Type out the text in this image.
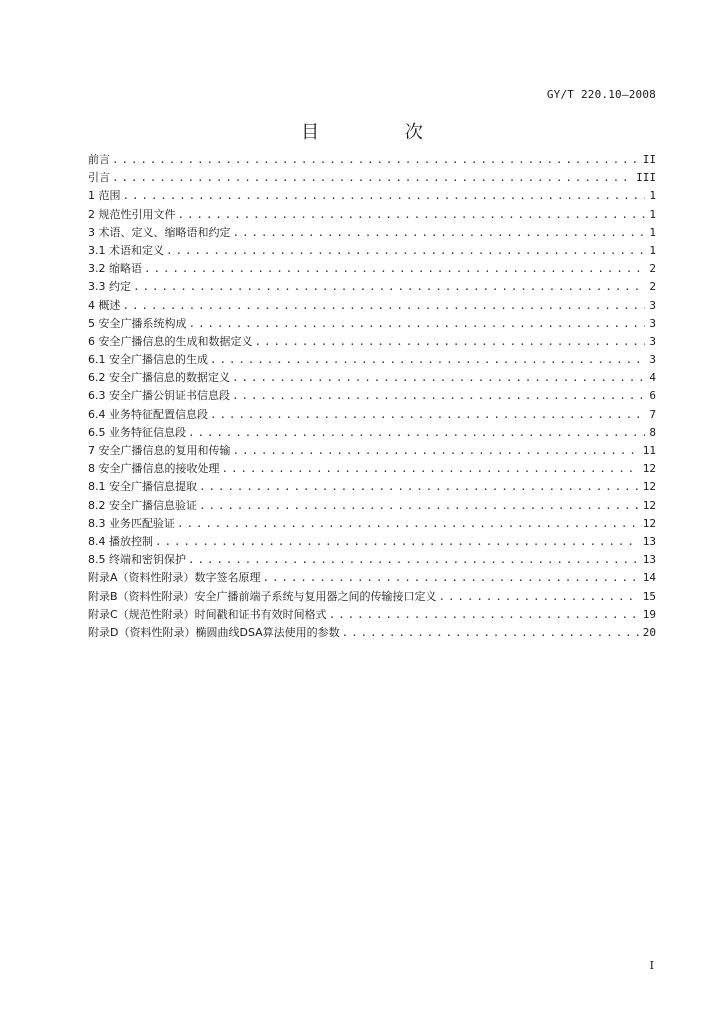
GY/T 220.10—2008
目 次
前言 . . .	II
引言 . . .	III
1 范围 . . .	1
2 规范性引用文件 . . .	1
3 术语、定义、缩略语和约定 . . .	1
3.1 术语和定义 . . .	1
3.2 缩略语 . . .	2
3.3 约定 . . .	2
4 概述 . . .	3
5 安全广播系统构成 . . .	3
6 安全广播信息的生成和数据定义 . . .	3
6.1 安全广播信息的生成 . . .	3
6.2 安全广播信息的数据定义 . . .	4
6.3 安全广播公钥证书信息段 . . .	6
6.4 业务特征配置信息段 . . .	7
6.5 业务特征信息段 . . .	8
7 安全广播信息的复用和传输 . . .	11
8 安全广播信息的接收处理 . . .	12
8.1 安全广播信息提取 . . .	12
8.2 安全广播信息验证 . . .	12
8.3 业务匹配验证 . . .	12
8.4 播放控制 . . .	13
8.5 终端和密钥保护 . . .	13
附录A（资料性附录）数字签名原理 . . .	14
附录B（资料性附录）安全广播前端子系统与复用器之间的传输接口定义 . . .	15
附录C（规范性附录）时间戳和证书有效时间格式 . . .	19
附录D（资料性附录）椭圆曲线DSA算法使用的参数 . . .	20
I
